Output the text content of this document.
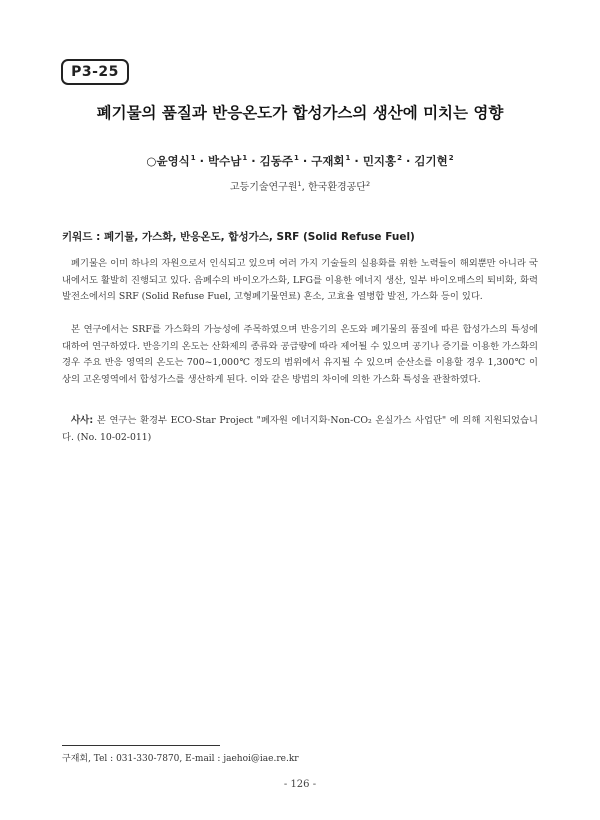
P3-25
폐기물의 품질과 반응온도가 합성가스의 생산에 미치는 영향
○윤영식$^1$ · 박수남$^1$ · 김동주$^1$ · 구재회$^1$ · 민지홍$^2$ · 김기현$^2$
고등기술연구원$^1$, 한국환경공단$^2$
키워드 : 폐기물, 가스화, 반응온도, 합성가스, SRF (Solid Refuse Fuel)

폐기물은 이미 하나의 자원으로서 인식되고 있으며 여러 가지 기술들의 실용화를 위한 노력들이 해외뿐만 아니라 국내에서도 활발히 진행되고 있다. 음폐수의 바이오가스화, LFG를 이용한 에너지 생산, 일부 바이오매스의 퇴비화, 화력발전소에서의 SRF (Solid Refuse Fuel, 고형폐기물연료) 혼소, 고효율 열병합 발전, 가스화 등이 있다.

본 연구에서는 SRF를 가스화의 가능성에 주목하였으며 반응기의 온도와 폐기물의 품질에 따른 합성가스의 특성에 대하여 연구하였다. 반응기의 온도는 산화제의 종류와 공급량에 따라 제어될 수 있으며 공기나 증기를 이용한 가스화의 경우 주요 반응 영역의 온도는 700~1,000℃ 정도의 범위에서 유지될 수 있으며 순산소를 이용할 경우 1,300℃ 이상의 고온영역에서 합성가스를 생산하게 된다. 이와 같은 방법의 차이에 의한 가스화 특성을 관찰하였다.

사사: 본 연구는 환경부 ECO-Star Project "폐자원 에너지화·Non-CO₂ 온실가스 사업단" 에 의해 지원되었습니다. (No. 10-02-011)
구재회, Tel : 031-330-7870, E-mail : jaehoi@iae.re.kr
- 126 -
